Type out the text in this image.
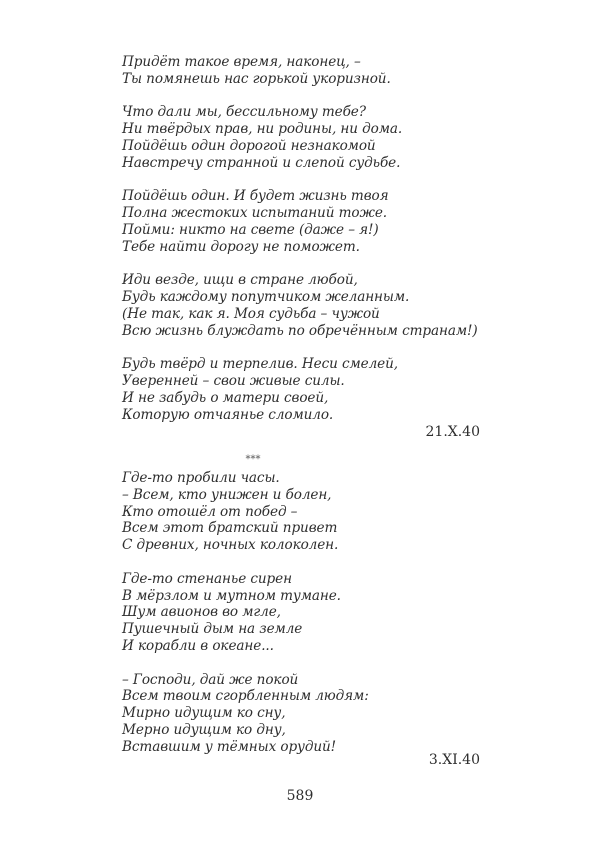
Придёт такое время, наконец, –
Ты помянешь нас горькой укоризной.
Что дали мы, бессильному тебе?
Ни твёрдых прав, ни родины, ни дома.
Пойдёшь один дорогой незнакомой
Навстречу странной и слепой судьбе.
Пойдёшь один. И будет жизнь твоя
Полна жестоких испытаний тоже.
Пойми: никто на свете (даже – я!)
Тебе найти дорогу не поможет.
Иди везде, ищи в стране любой,
Будь каждому попутчиком желанным.
(Не так, как я. Моя судьба – чужой
Всю жизнь блуждать по обречённым странам!)
Будь твёрд и терпелив. Неси смелей,
Уверенней – свои живые силы.
И не забудь о матери своей,
Которую отчаянье сломило.
21.X.40
***
Где-то пробили часы.
– Всем, кто унижен и болен,
Кто отошёл от побед –
Всем этот братский привет
С древних, ночных колоколен.
Где-то стенанье сирен
В мёрзлом и мутном тумане.
Шум авионов во мгле,
Пушечный дым на земле
И корабли в океане...
– Господи, дай же покой
Всем твоим сгорбленным людям:
Мирно идущим ко сну,
Мерно идущим ко дну,
Вставшим у тёмных орудий!
3.XI.40
589
